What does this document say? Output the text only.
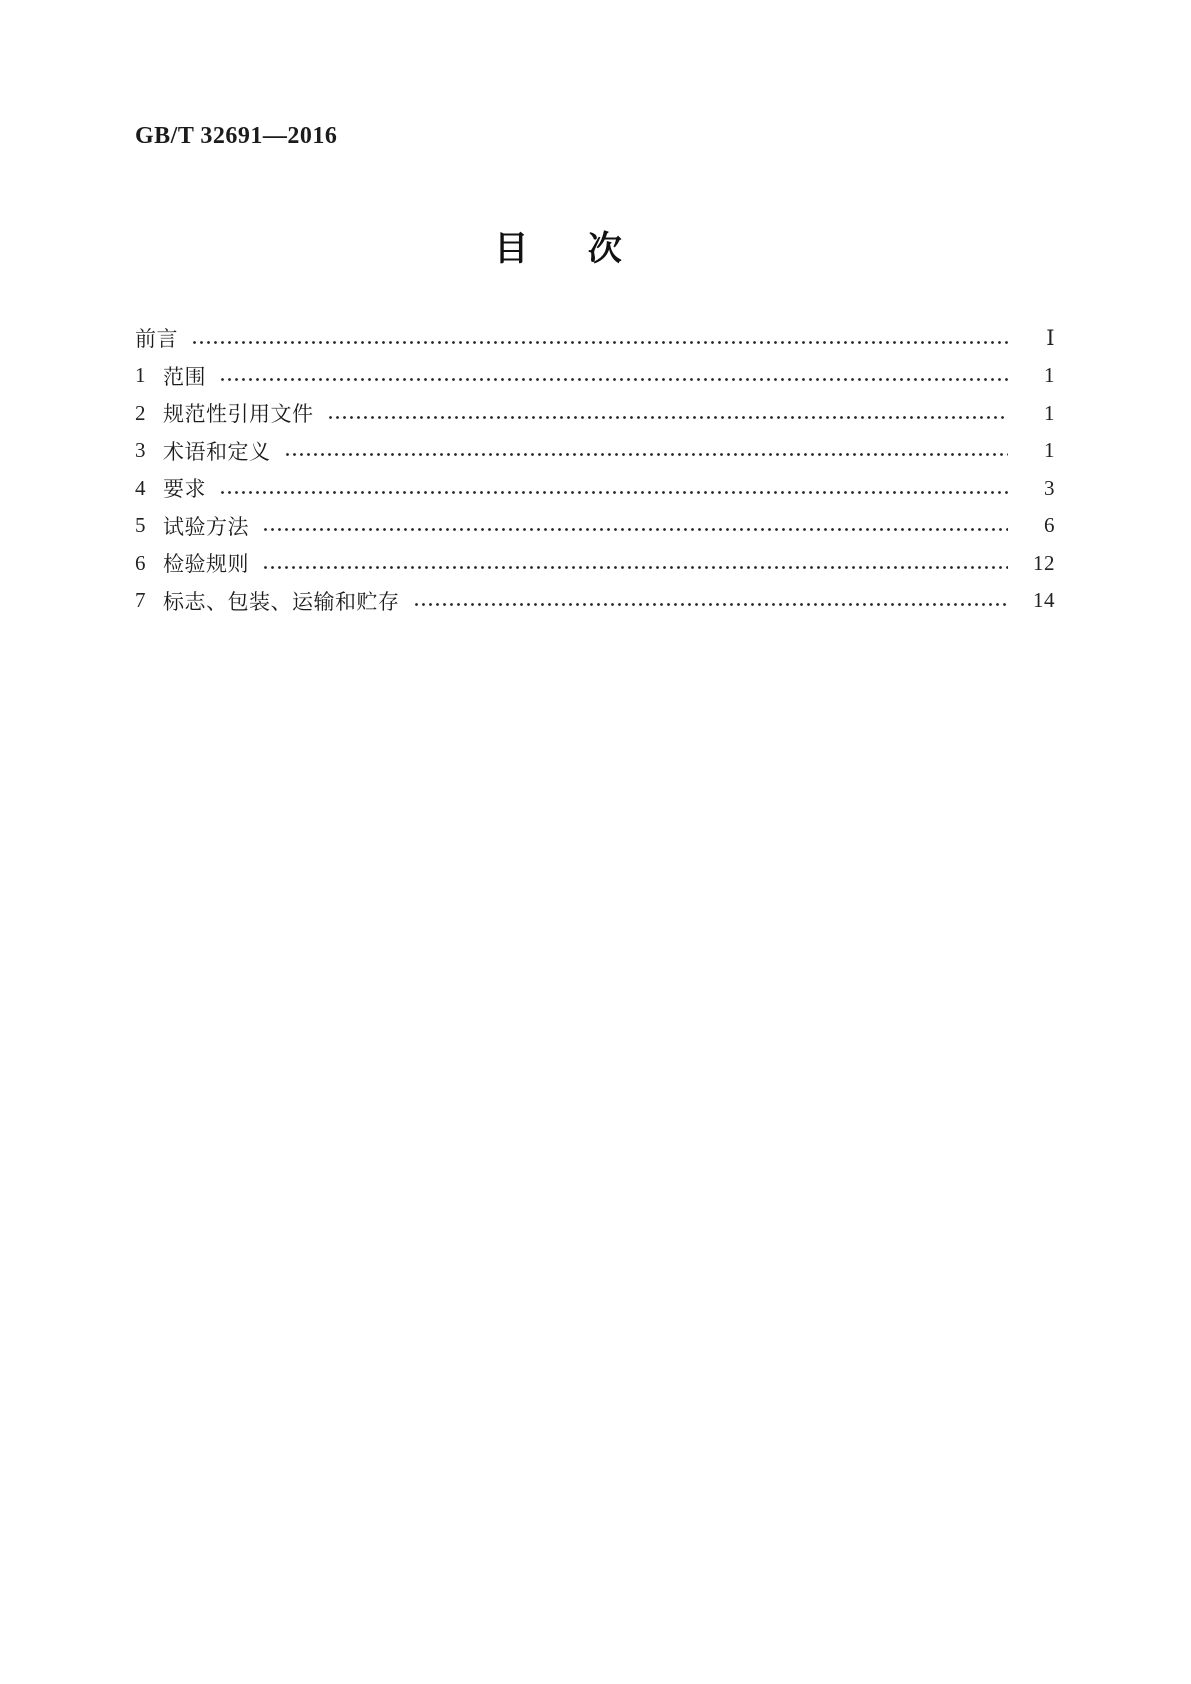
GB/T 32691—2016
目 次
前言	Ⅰ
1 范围	1
2 规范性引用文件	1
3 术语和定义	1
4 要求	3
5 试验方法	6
6 检验规则	12
7 标志、包装、运输和贮存	14
